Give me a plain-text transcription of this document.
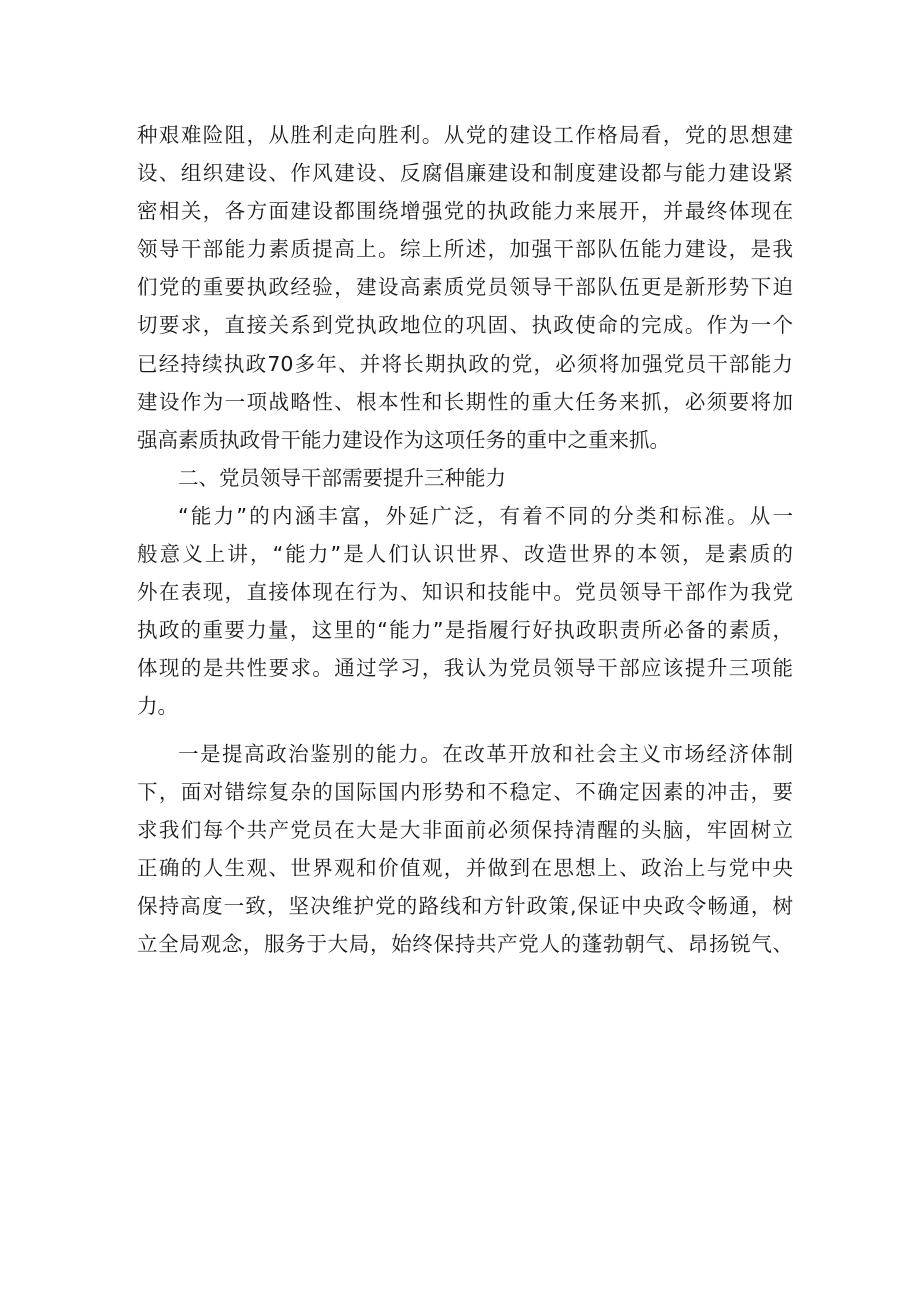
种艰难险阻，从胜利走向胜利。从党的建设工作格局看，党的思想建
设、组织建设、作风建设、反腐倡廉建设和制度建设都与能力建设紧
密相关，各方面建设都围绕增强党的执政能力来展开，并最终体现在
领导干部能力素质提高上。综上所述，加强干部队伍能力建设，是我
们党的重要执政经验，建设高素质党员领导干部队伍更是新形势下迫
切要求，直接关系到党执政地位的巩固、执政使命的完成。作为一个
已经持续执政70多年、并将长期执政的党，必须将加强党员干部能力
建设作为一项战略性、根本性和长期性的重大任务来抓，必须要将加
强高素质执政骨干能力建设作为这项任务的重中之重来抓。
二、党员领导干部需要提升三种能力
“能力”的内涵丰富，外延广泛，有着不同的分类和标准。从一
般意义上讲，“能力”是人们认识世界、改造世界的本领，是素质的
外在表现，直接体现在行为、知识和技能中。党员领导干部作为我党
执政的重要力量，这里的“能力”是指履行好执政职责所必备的素质，
体现的是共性要求。通过学习，我认为党员领导干部应该提升三项能
力。
一是提高政治鉴别的能力。在改革开放和社会主义市场经济体制
下，面对错综复杂的国际国内形势和不稳定、不确定因素的冲击，要
求我们每个共产党员在大是大非面前必须保持清醒的头脑，牢固树立
正确的人生观、世界观和价值观，并做到在思想上、政治上与党中央
保持高度一致，坚决维护党的路线和方针政策,保证中央政令畅通，树
立全局观念，服务于大局，始终保持共产党人的蓬勃朝气、昂扬锐气、
